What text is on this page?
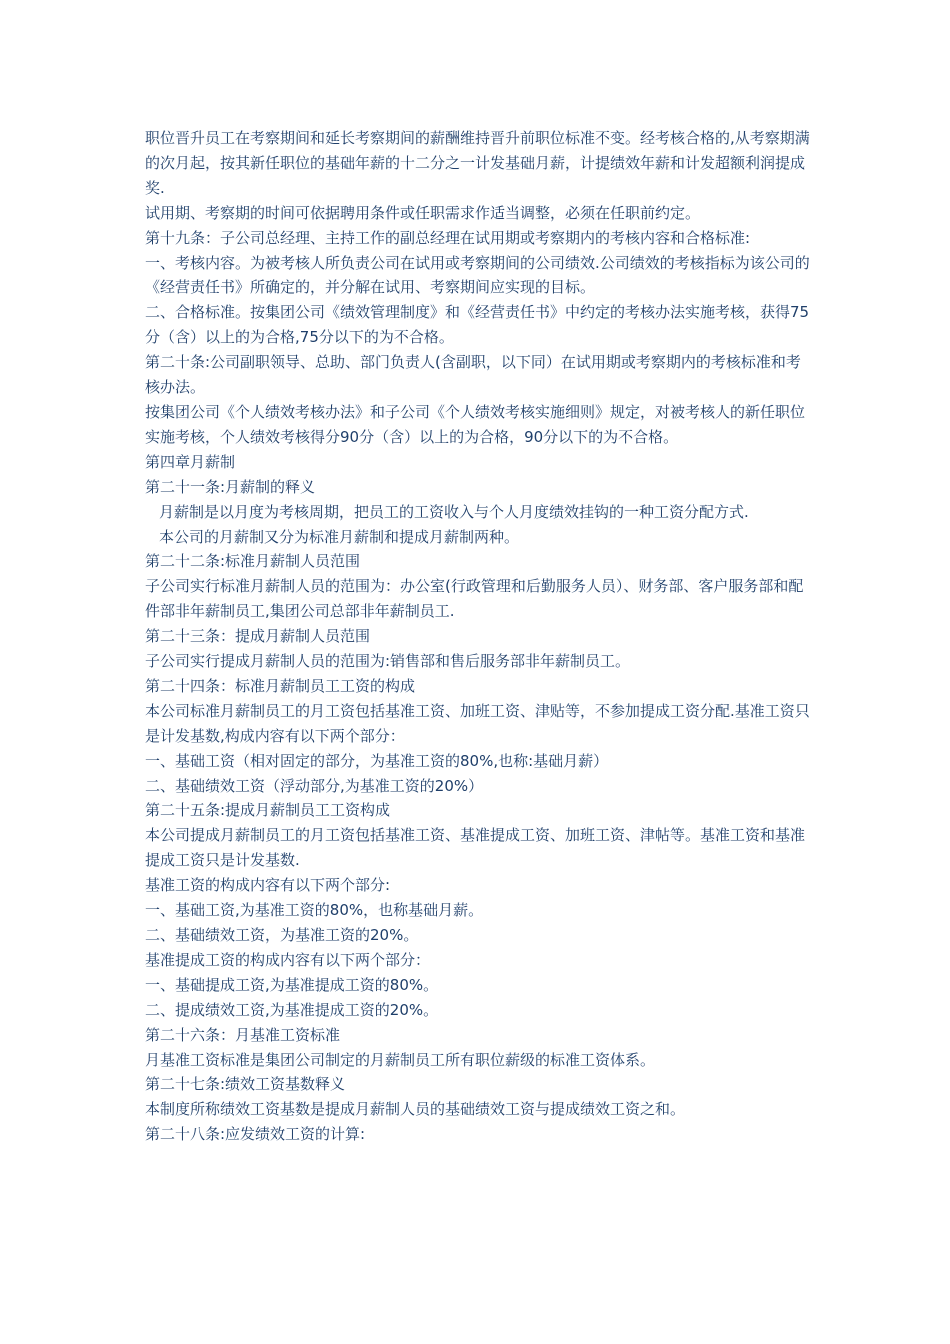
职位晋升员工在考察期间和延长考察期间的薪酬维持晋升前职位标准不变。经考核合格的,从考察期满的次月起，按其新任职位的基础年薪的十二分之一计发基础月薪，计提绩效年薪和计发超额利润提成奖.

试用期、考察期的时间可依据聘用条件或任职需求作适当调整，必须在任职前约定。

第十九条：子公司总经理、主持工作的副总经理在试用期或考察期内的考核内容和合格标准:

一、考核内容。为被考核人所负责公司在试用或考察期间的公司绩效.公司绩效的考核指标为该公司的《经营责任书》所确定的，并分解在试用、考察期间应实现的目标。

二、合格标准。按集团公司《绩效管理制度》和《经营责任书》中约定的考核办法实施考核，获得75分（含）以上的为合格,75分以下的为不合格。

第二十条:公司副职领导、总助、部门负责人(含副职，以下同）在试用期或考察期内的考核标准和考核办法。

按集团公司《个人绩效考核办法》和子公司《个人绩效考核实施细则》规定，对被考核人的新任职位实施考核，个人绩效考核得分90分（含）以上的为合格，90分以下的为不合格。

第四章月薪制

第二十一条:月薪制的释义

月薪制是以月度为考核周期，把员工的工资收入与个人月度绩效挂钩的一种工资分配方式.

本公司的月薪制又分为标准月薪制和提成月薪制两种。

第二十二条:标准月薪制人员范围

子公司实行标准月薪制人员的范围为：办公室(行政管理和后勤服务人员）、财务部、客户服务部和配件部非年薪制员工,集团公司总部非年薪制员工.

第二十三条：提成月薪制人员范围

子公司实行提成月薪制人员的范围为:销售部和售后服务部非年薪制员工。

第二十四条：标准月薪制员工工资的构成

本公司标准月薪制员工的月工资包括基准工资、加班工资、津贴等，不参加提成工资分配.基准工资只是计发基数,构成内容有以下两个部分：

一、基础工资（相对固定的部分，为基准工资的80%,也称:基础月薪）

二、基础绩效工资（浮动部分,为基准工资的20%）

第二十五条:提成月薪制员工工资构成

本公司提成月薪制员工的月工资包括基准工资、基准提成工资、加班工资、津帖等。基准工资和基准提成工资只是计发基数.

基准工资的构成内容有以下两个部分:

一、基础工资,为基准工资的80%，也称基础月薪。

二、基础绩效工资，为基准工资的20%。

基准提成工资的构成内容有以下两个部分：

一、基础提成工资,为基准提成工资的80%。

二、提成绩效工资,为基准提成工资的20%。

第二十六条：月基准工资标准

月基准工资标准是集团公司制定的月薪制员工所有职位薪级的标准工资体系。

第二十七条:绩效工资基数释义

本制度所称绩效工资基数是提成月薪制人员的基础绩效工资与提成绩效工资之和。

第二十八条:应发绩效工资的计算:
